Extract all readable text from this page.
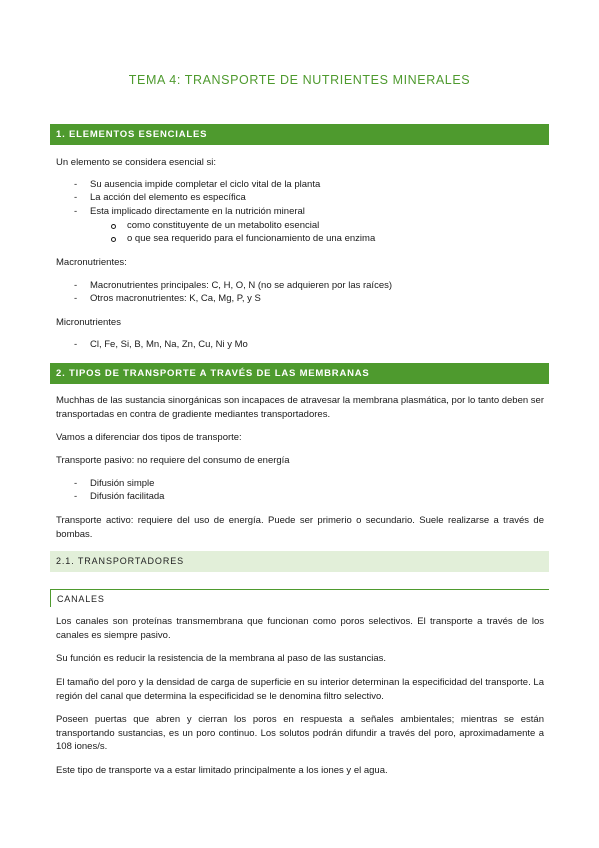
TEMA 4: TRANSPORTE DE NUTRIENTES MINERALES
1. ELEMENTOS ESENCIALES

Un elemento se considera esencial si:

- Su ausencia impide completar el ciclo vital de la planta
- La acción del elemento es específica
- Esta implicado directamente en la nutrición mineral
como constituyente de un metabolito esencial
o que sea requerido para el funcionamiento de una enzima

Macronutrientes:

- Macronutrientes principales: C, H, O, N (no se adquieren por las raíces)
- Otros macronutrientes: K, Ca, Mg, P, y S

Micronutrientes

- Cl, Fe, Si, B, Mn, Na, Zn, Cu, Ni y Mo
2. TIPOS DE TRANSPORTE A TRAVÉS DE LAS MEMBRANAS

Muchhas de las sustancia sinorgánicas son incapaces de atravesar la membrana plasmática, por lo tanto deben ser transportadas en contra de gradiente mediantes transportadores.

Vamos a diferenciar dos tipos de transporte:

Transporte pasivo: no requiere del consumo de energía

- Difusión simple
- Difusión facilitada

Transporte activo: requiere del uso de energía. Puede ser primerio o secundario. Suele realizarse a través de bombas.

2.1. TRANSPORTADORES
CANALES

Los canales son proteínas transmembrana que funcionan como poros selectivos. El transporte a través de los canales es siempre pasivo.

Su función es reducir la resistencia de la membrana al paso de las sustancias.

El tamaño del poro y la densidad de carga de superficie en su interior determinan la especificidad del transporte. La región del canal que determina la especificidad se le denomina filtro selectivo.

Poseen puertas que abren y cierran los poros en respuesta a señales ambientales; mientras se están transportando sustancias, es un poro continuo. Los solutos podrán difundir a través del poro, aproximadamente a 108 iones/s.

Este tipo de transporte va a estar limitado principalmente a los iones y el agua.
